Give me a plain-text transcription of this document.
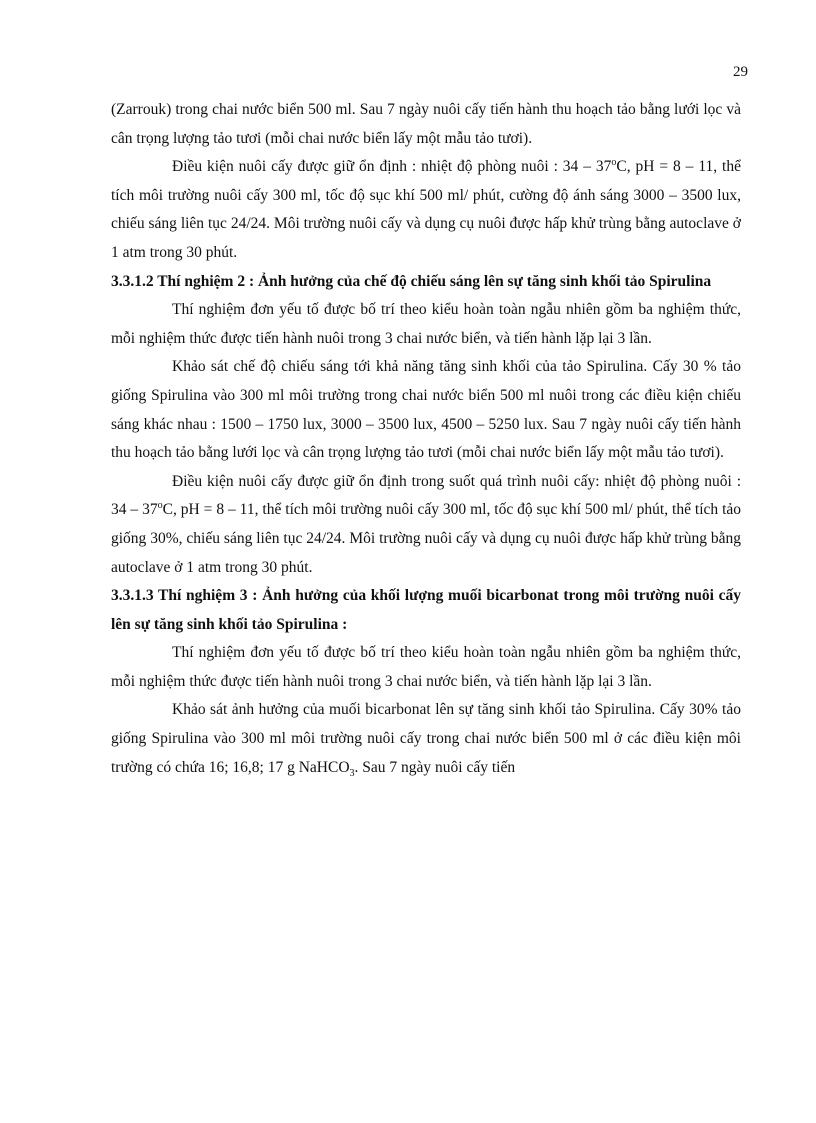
29

(Zarrouk) trong chai nước biển 500 ml. Sau 7 ngày nuôi cấy tiến hành thu hoạch tảo bằng lưới lọc và cân trọng lượng tảo tươi (mỗi chai nước biển lấy một mẫu tảo tươi).

Điều kiện nuôi cấy được giữ ổn định : nhiệt độ phòng nuôi : 34 – 37$^o$C, pH = 8 – 11, thể tích môi trường nuôi cấy 300 ml, tốc độ sục khí 500 ml/ phút, cường độ ánh sáng 3000 – 3500 lux, chiếu sáng liên tục 24/24. Môi trường nuôi cấy và dụng cụ nuôi được hấp khử trùng bằng autoclave ở 1 atm trong 30 phút.

3.3.1.2 Thí nghiệm 2 : Ảnh hưởng của chế độ chiếu sáng lên sự tăng sinh khối tảo Spirulina

Thí nghiệm đơn yếu tố được bố trí theo kiểu hoàn toàn ngẫu nhiên gồm ba nghiệm thức, mỗi nghiệm thức được tiến hành nuôi trong 3 chai nước biển, và tiến hành lặp lại 3 lần.

Khảo sát chế độ chiếu sáng tới khả năng tăng sinh khối của tảo Spirulina. Cấy 30 % tảo giống Spirulina vào 300 ml môi trường trong chai nước biển 500 ml nuôi trong các điều kiện chiếu sáng khác nhau : 1500 – 1750 lux, 3000 – 3500 lux, 4500 – 5250 lux. Sau 7 ngày nuôi cấy tiến hành thu hoạch tảo bằng lưới lọc và cân trọng lượng tảo tươi (mỗi chai nước biển lấy một mẫu tảo tươi).

Điều kiện nuôi cấy được giữ ổn định trong suốt quá trình nuôi cấy: nhiệt độ phòng nuôi : 34 – 37$^o$C, pH = 8 – 11, thể tích môi trường nuôi cấy 300 ml, tốc độ sục khí 500 ml/ phút, thể tích tảo giống 30%, chiếu sáng liên tục 24/24. Môi trường nuôi cấy và dụng cụ nuôi được hấp khử trùng bằng autoclave ở 1 atm trong 30 phút.

3.3.1.3 Thí nghiệm 3 : Ảnh hưởng của khối lượng muối bicarbonat trong môi trường nuôi cấy lên sự tăng sinh khối tảo Spirulina :

Thí nghiệm đơn yếu tố được bố trí theo kiểu hoàn toàn ngẫu nhiên gồm ba nghiệm thức, mỗi nghiệm thức được tiến hành nuôi trong 3 chai nước biển, và tiến hành lặp lại 3 lần.

Khảo sát ảnh hưởng của muối bicarbonat lên sự tăng sinh khối tảo Spirulina. Cấy 30% tảo giống Spirulina vào 300 ml môi trường nuôi cấy trong chai nước biển 500 ml ở các điều kiện môi trường có chứa 16; 16,8; 17 g NaHCO$_3$. Sau 7 ngày nuôi cấy tiến
